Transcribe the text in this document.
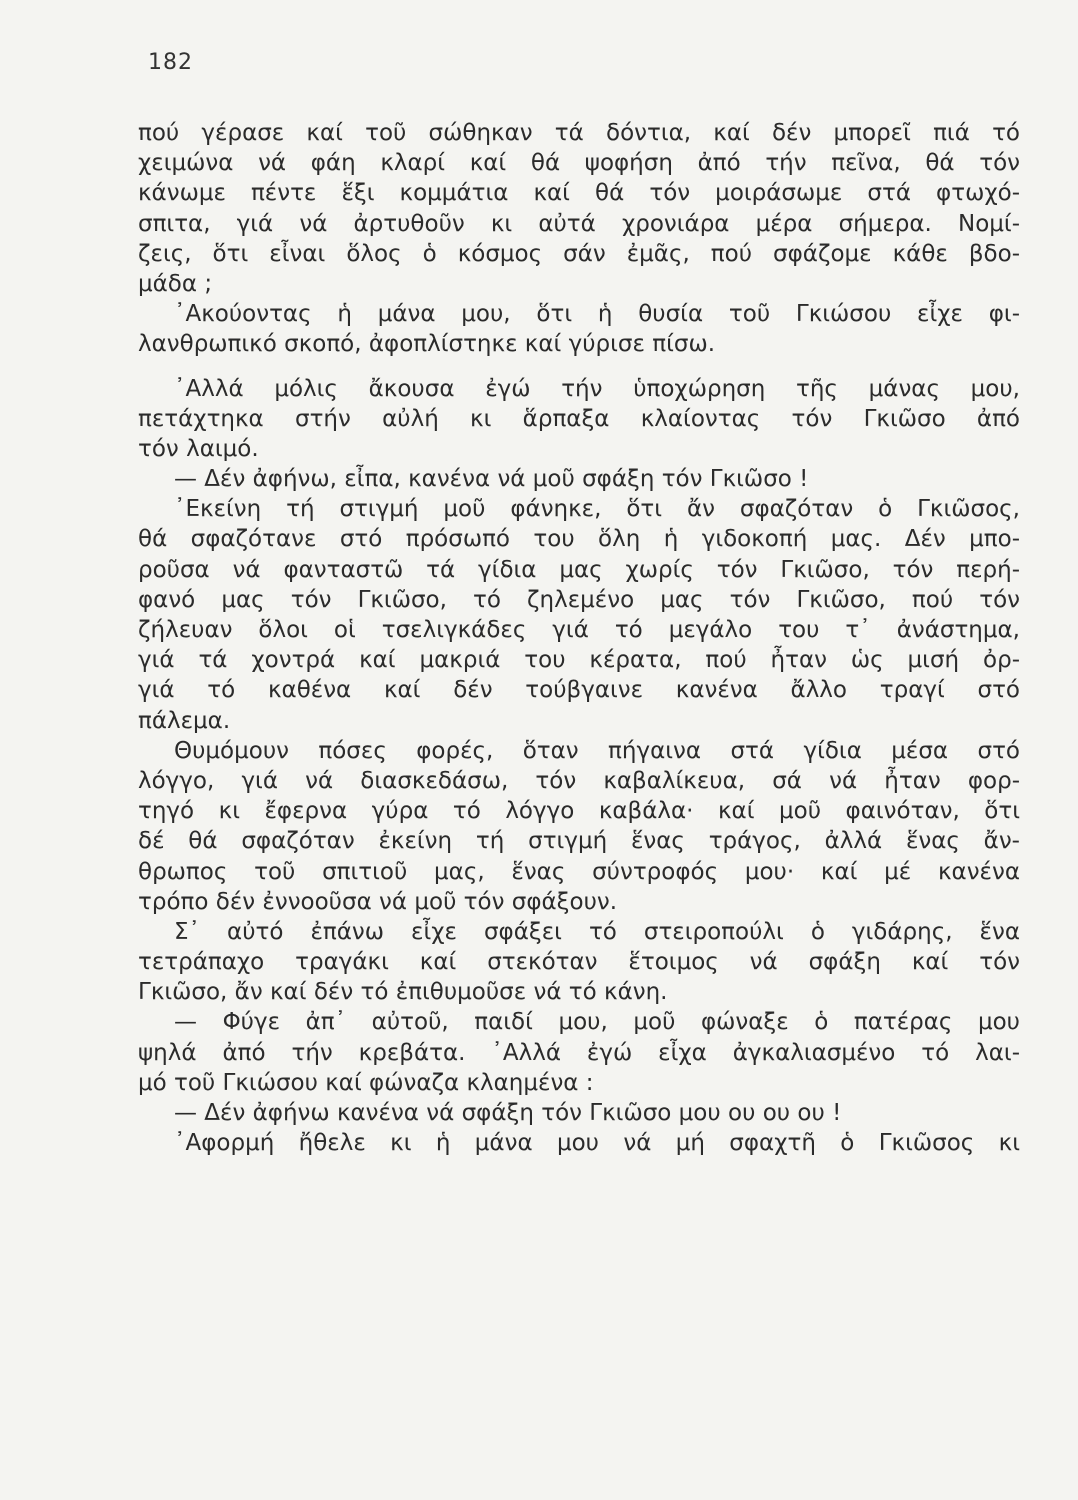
182
πού γέρασε καί τοῦ σώθηκαν τά δόντια, καί δέν μπορεῖ πιά τό
χειμώνα νά φάη κλαρί καί θά ψοφήση ἀπό τήν πεῖνα, θά τόν
κάνωμε πέντε ἕξι κομμάτια καί θά τόν μοιράσωμε στά φτωχό-
σπιτα, γιά νά ἀρτυθοῦν κι αὐτά χρονιάρα μέρα σήμερα. Νομί-
ζεις, ὅτι εἶναι ὅλος ὁ κόσμος σάν ἐμᾶς, πού σφάζομε κάθε βδο-
μάδα ;
᾽Ακούοντας ἡ μάνα μου, ὅτι ἡ θυσία τοῦ Γκιώσου εἶχε φι-
λανθρωπικό σκοπό, ἀφοπλίστηκε καί γύρισε πίσω.
᾽Αλλά μόλις ἄκουσα ἐγώ τήν ὑποχώρηση τῆς μάνας μου,
πετάχτηκα στήν αὐλή κι ἅρπαξα κλαίοντας τόν Γκιῶσο ἀπό
τόν λαιμό.
— Δέν ἀφήνω, εἶπα, κανένα νά μοῦ σφάξη τόν Γκιῶσο !
᾽Εκείνη τή στιγμή μοῦ φάνηκε, ὅτι ἄν σφαζόταν ὁ Γκιῶσος,
θά σφαζότανε στό πρόσωπό του ὅλη ἡ γιδοκοπή μας. Δέν μπο-
ροῦσα νά φανταστῶ τά γίδια μας χωρίς τόν Γκιῶσο, τόν περή-
φανό μας τόν Γκιῶσο, τό ζηλεμένο μας τόν Γκιῶσο, πού τόν
ζήλευαν ὅλοι οἱ τσελιγκάδες γιά τό μεγάλο του τ᾽ ἀνάστημα,
γιά τά χοντρά καί μακριά του κέρατα, πού ἦταν ὡς μισή ὀρ-
γιά τό καθένα καί δέν τούβγαινε κανένα ἄλλο τραγί στό
πάλεμα.
Θυμόμουν πόσες φορές, ὅταν πήγαινα στά γίδια μέσα στό
λόγγο, γιά νά διασκεδάσω, τόν καβαλίκευα, σά νά ἦταν φορ-
τηγό κι ἔφερνα γύρα τό λόγγο καβάλα· καί μοῦ φαινόταν, ὅτι
δέ θά σφαζόταν ἐκείνη τή στιγμή ἕνας τράγος, ἀλλά ἕνας ἄν-
θρωπος τοῦ σπιτιοῦ μας, ἕνας σύντροφός μου· καί μέ κανένα
τρόπο δέν ἐννοοῦσα νά μοῦ τόν σφάξουν.
Σ᾽ αὐτό ἐπάνω εἶχε σφάξει τό στειροπούλι ὁ γιδάρης, ἕνα
τετράπαχο τραγάκι καί στεκόταν ἕτοιμος νά σφάξη καί τόν
Γκιῶσο, ἄν καί δέν τό ἐπιθυμοῦσε νά τό κάνη.
— Φύγε ἀπ᾽ αὐτοῦ, παιδί μου, μοῦ φώναξε ὁ πατέρας μου
ψηλά ἀπό τήν κρεβάτα. ᾽Αλλά ἐγώ εἶχα ἀγκαλιασμένο τό λαι-
μό τοῦ Γκιώσου καί φώναζα κλαημένα :
— Δέν ἀφήνω κανένα νά σφάξη τόν Γκιῶσο μου ου ου ου !
᾽Αφορμή ἤθελε κι ἡ μάνα μου νά μή σφαχτῆ ὁ Γκιῶσος κι
